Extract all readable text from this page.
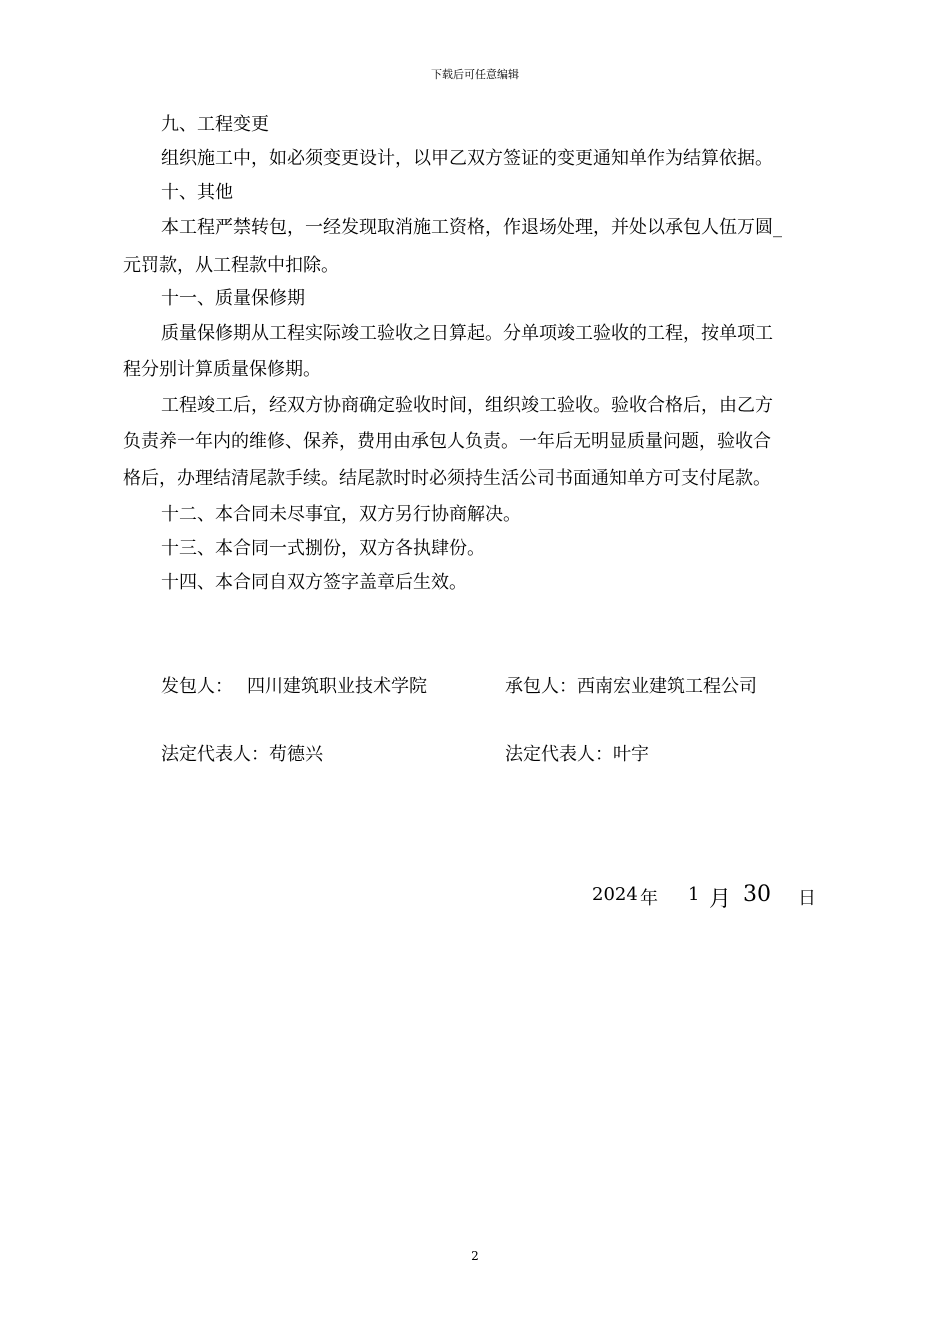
下载后可任意编辑
九、工程变更
组织施工中，如必须变更设计，以甲乙双方签证的变更通知单作为结算依据。
十、其他
本工程严禁转包，一经发现取消施工资格，作退场处理，并处以承包人伍万圆_
元罚款，从工程款中扣除。
十一、质量保修期
质量保修期从工程实际竣工验收之日算起。分单项竣工验收的工程，按单项工
程分别计算质量保修期。
工程竣工后，经双方协商确定验收时间，组织竣工验收。验收合格后，由乙方
负责养一年内的维修、保养，费用由承包人负责。一年后无明显质量问题，验收合
格后，办理结清尾款手续。结尾款时时必须持生活公司书面通知单方可支付尾款。
十二、本合同未尽事宜，双方另行协商解决。
十三、本合同一式捌份，双方各执肆份。
十四、本合同自双方签字盖章后生效。
发包人： 四川建筑职业技术学院	承包人：西南宏业建筑工程公司
法定代表人：苟德兴	法定代表人：叶宇
2024 年 1 月 30 日
2
